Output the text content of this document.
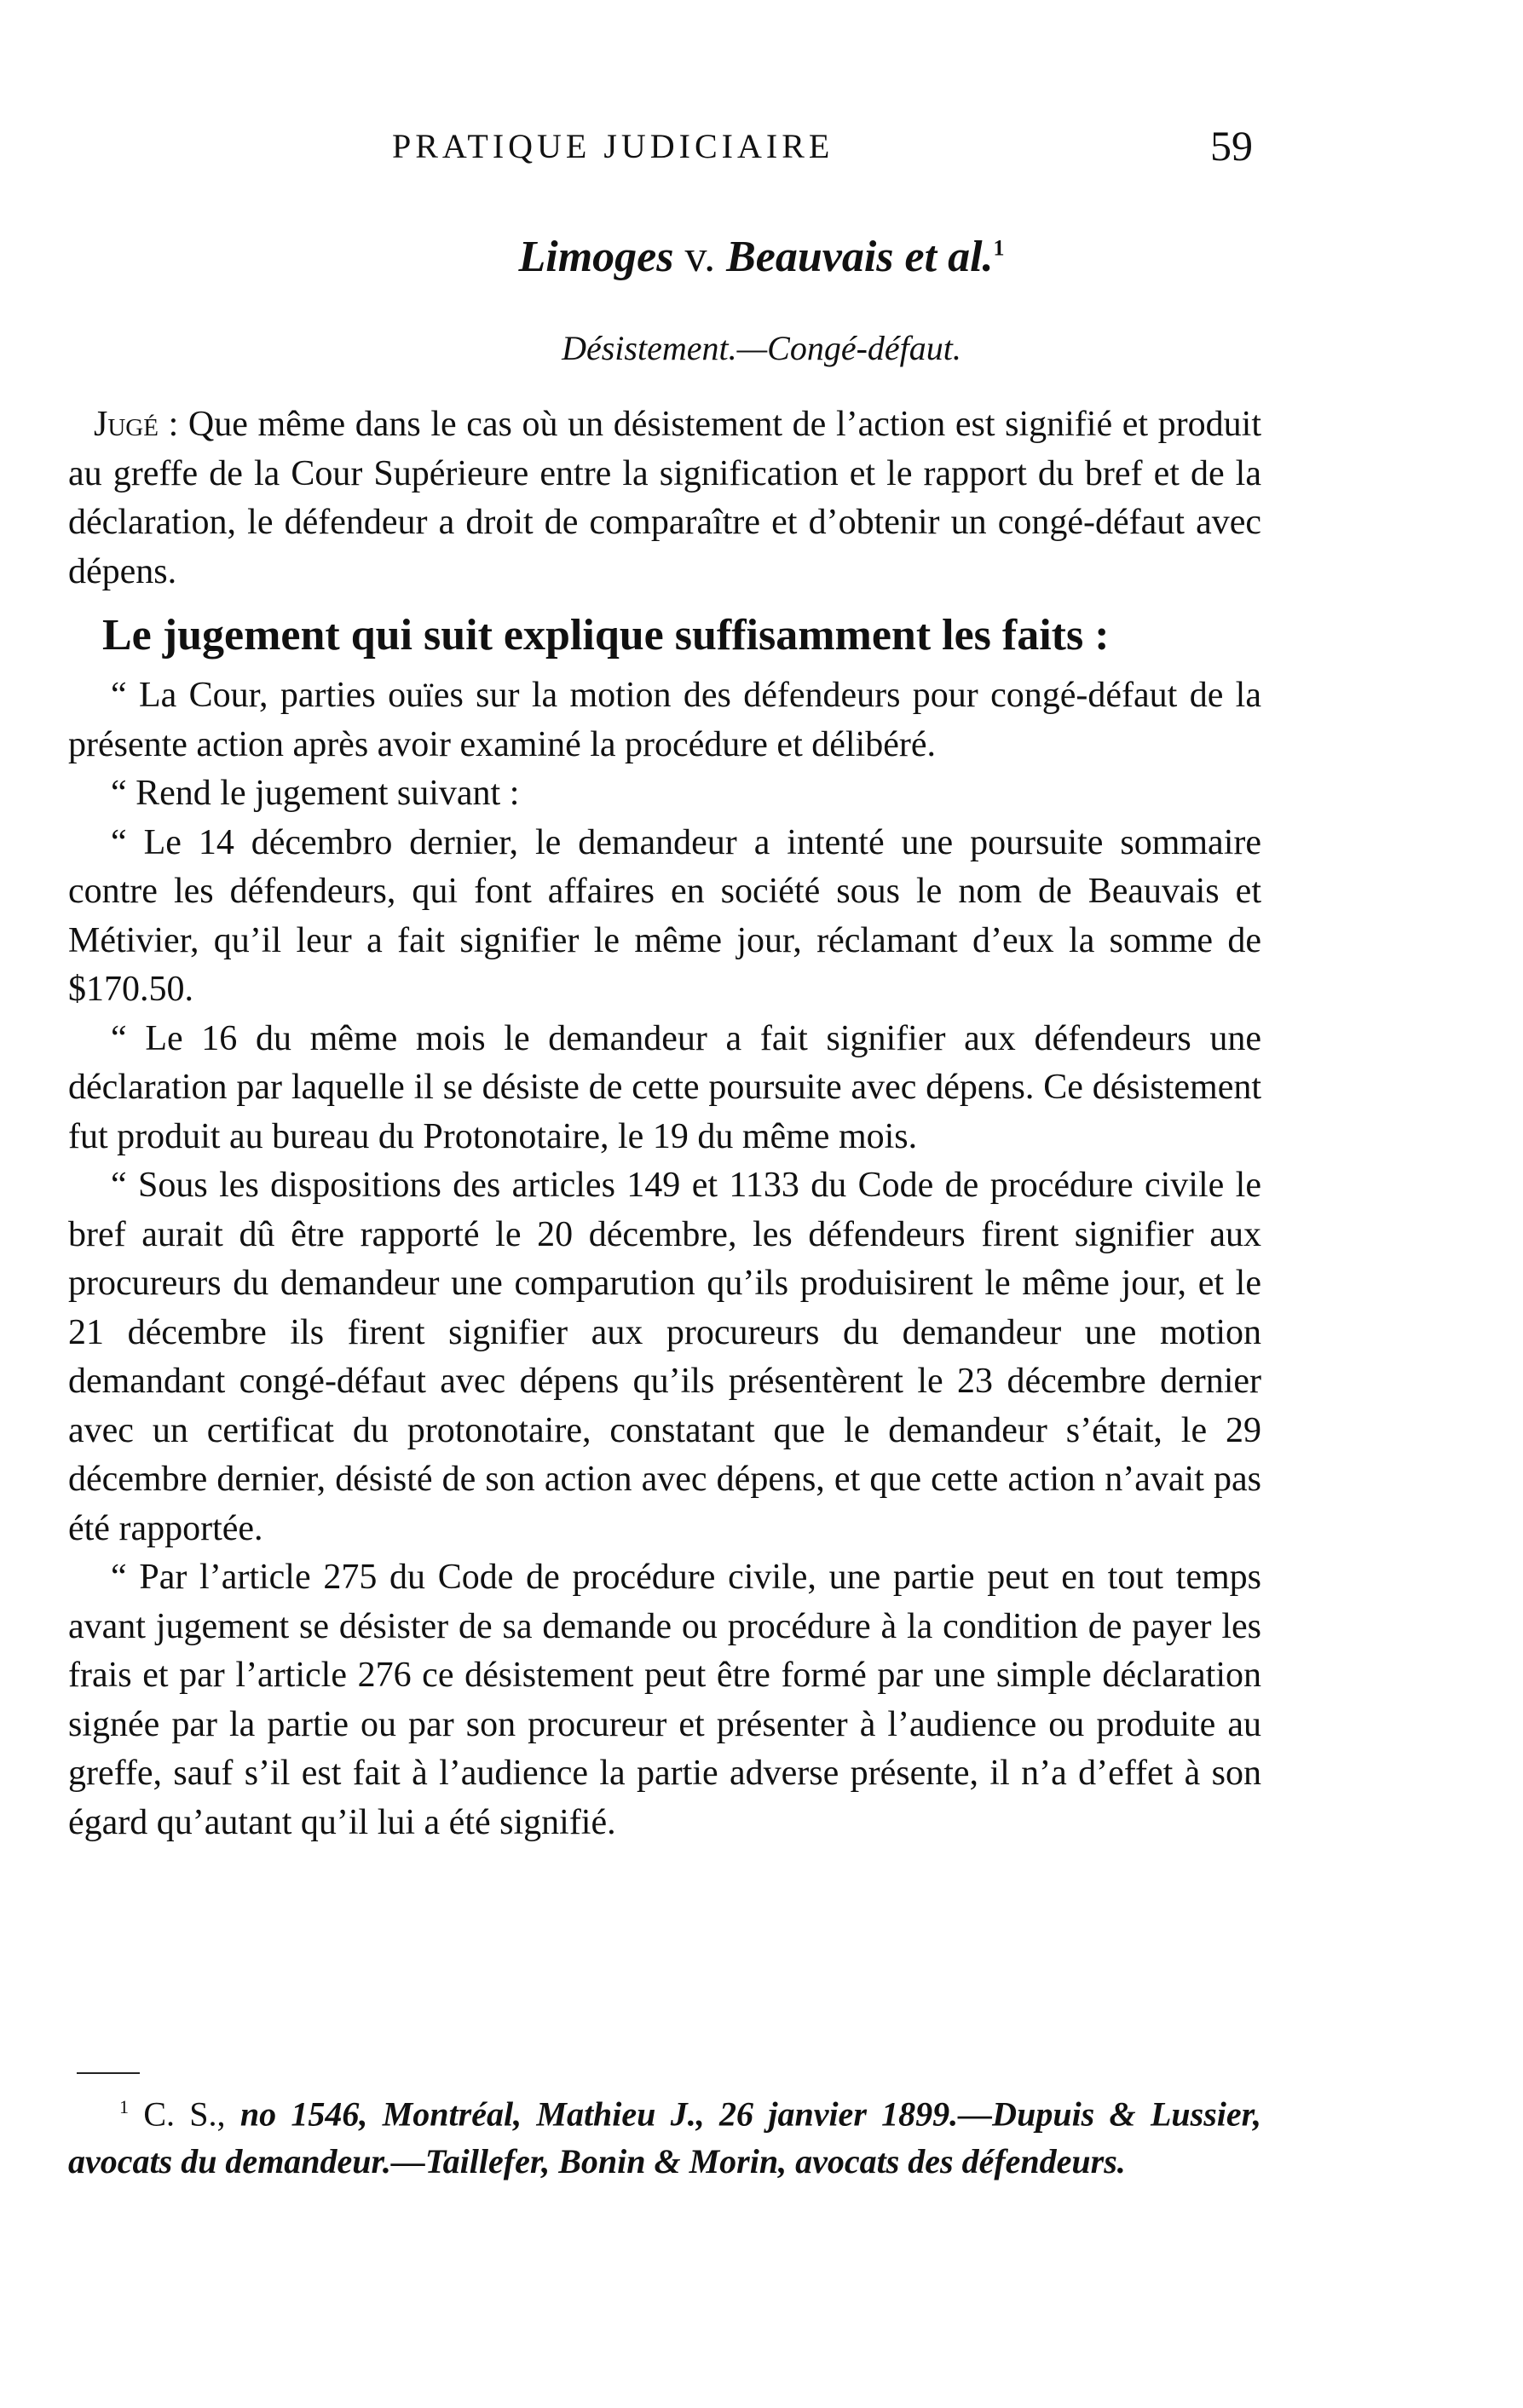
PRATIQUE JUDICIAIRE	59
Limoges v. Beauvais et al.$^1$
Désistement.—Congé-défaut.

Jugé : Que même dans le cas où un désistement de l’action est signifié et produit au greffe de la Cour Supérieure entre la signification et le rapport du bref et de la déclaration, le défendeur a droit de comparaître et d’obtenir un congé-défaut avec dépens.

Le jugement qui suit explique suffisamment les faits :

“ La Cour, parties ouïes sur la motion des défendeurs pour congé-défaut de la présente action après avoir examiné la procédure et délibéré.

“ Rend le jugement suivant :

“ Le 14 décembro dernier, le demandeur a intenté une poursuite sommaire contre les défendeurs, qui font affaires en société sous le nom de Beauvais et Métivier, qu’il leur a fait signifier le même jour, réclamant d’eux la somme de $170.50.

“ Le 16 du même mois le demandeur a fait signifier aux défendeurs une déclaration par laquelle il se désiste de cette poursuite avec dépens. Ce désistement fut produit au bureau du Protonotaire, le 19 du même mois.

“ Sous les dispositions des articles 149 et 1133 du Code de procédure civile le bref aurait dû être rapporté le 20 décembre, les défendeurs firent signifier aux procureurs du demandeur une comparution qu’ils produisirent le même jour, et le 21 décembre ils firent signifier aux procureurs du demandeur une motion demandant congé-défaut avec dépens qu’ils présentèrent le 23 décembre dernier avec un certificat du protonotaire, constatant que le demandeur s’était, le 29 décembre dernier, désisté de son action avec dépens, et que cette action n’avait pas été rapportée.

“ Par l’article 275 du Code de procédure civile, une partie peut en tout temps avant jugement se désister de sa demande ou procédure à la condition de payer les frais et par l’article 276 ce désistement peut être formé par une simple déclaration signée par la partie ou par son procureur et présenter à l’audience ou produite au greffe, sauf s’il est fait à l’audience la partie adverse présente, il n’a d’effet à son égard qu’autant qu’il lui a été signifié.

$^1$ C. S., no 1546, Montréal, Mathieu J., 26 janvier 1899.—Dupuis & Lussier, avocats du demandeur.—Taillefer, Bonin & Morin, avocats des défendeurs.
